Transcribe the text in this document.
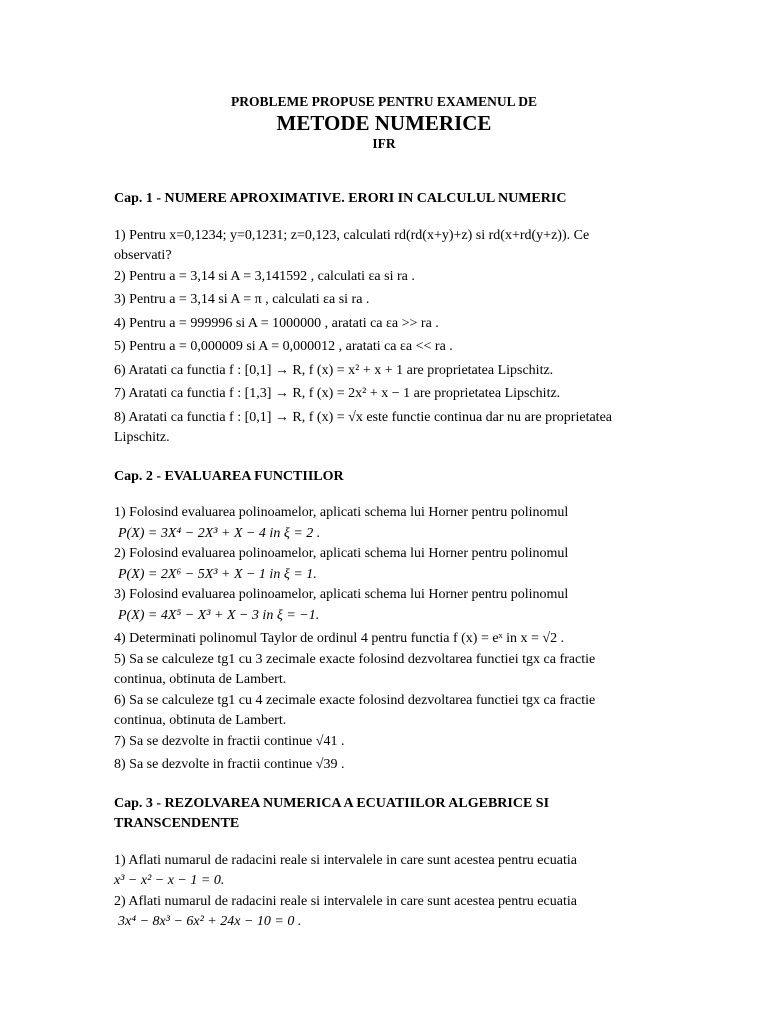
PROBLEME PROPUSE PENTRU EXAMENUL DE
METODE NUMERICE
IFR

Cap. 1 - NUMERE APROXIMATIVE. ERORI IN CALCULUL NUMERIC

1) Pentru x=0,1234; y=0,1231; z=0,123, calculati rd(rd(x+y)+z) si rd(x+rd(y+z)). Ce observati?

2) Pentru a = 3,14 si A = 3,141592 , calculati εa si ra .

3) Pentru a = 3,14 si A = π , calculati εa si ra .

4) Pentru a = 999996 si A = 1000000 , aratati ca εa >> ra .

5) Pentru a = 0,000009 si A = 0,000012 , aratati ca εa << ra .

6) Aratati ca functia f : [0,1] → R, f (x) = x² + x + 1 are proprietatea Lipschitz.

7) Aratati ca functia f : [1,3] → R, f (x) = 2x² + x − 1 are proprietatea Lipschitz.

8) Aratati ca functia f : [0,1] → R, f (x) = √x este functie continua dar nu are proprietatea Lipschitz.

Cap. 2 - EVALUAREA FUNCTIILOR

1) Folosind evaluarea polinoamelor, aplicati schema lui Horner pentru polinomul

P(X) = 3X⁴ − 2X³ + X − 4 in ξ = 2 .

2) Folosind evaluarea polinoamelor, aplicati schema lui Horner pentru polinomul

P(X) = 2X⁶ − 5X³ + X − 1 in ξ = 1.

3) Folosind evaluarea polinoamelor, aplicati schema lui Horner pentru polinomul

P(X) = 4X⁵ − X³ + X − 3 in ξ = −1.

4) Determinati polinomul Taylor de ordinul 4 pentru functia f (x) = eˣ in x = √2 .

5) Sa se calculeze tg1 cu 3 zecimale exacte folosind dezvoltarea functiei tgx ca fractie continua, obtinuta de Lambert.

6) Sa se calculeze tg1 cu 4 zecimale exacte folosind dezvoltarea functiei tgx ca fractie continua, obtinuta de Lambert.

7) Sa se dezvolte in fractii continue √41 .

8) Sa se dezvolte in fractii continue √39 .

Cap. 3 - REZOLVAREA NUMERICA A ECUATIILOR ALGEBRICE SI TRANSCENDENTE

1) Aflati numarul de radacini reale si intervalele in care sunt acestea pentru ecuatia

x³ − x² − x − 1 = 0.

2) Aflati numarul de radacini reale si intervalele in care sunt acestea pentru ecuatia

3x⁴ − 8x³ − 6x² + 24x − 10 = 0 .
